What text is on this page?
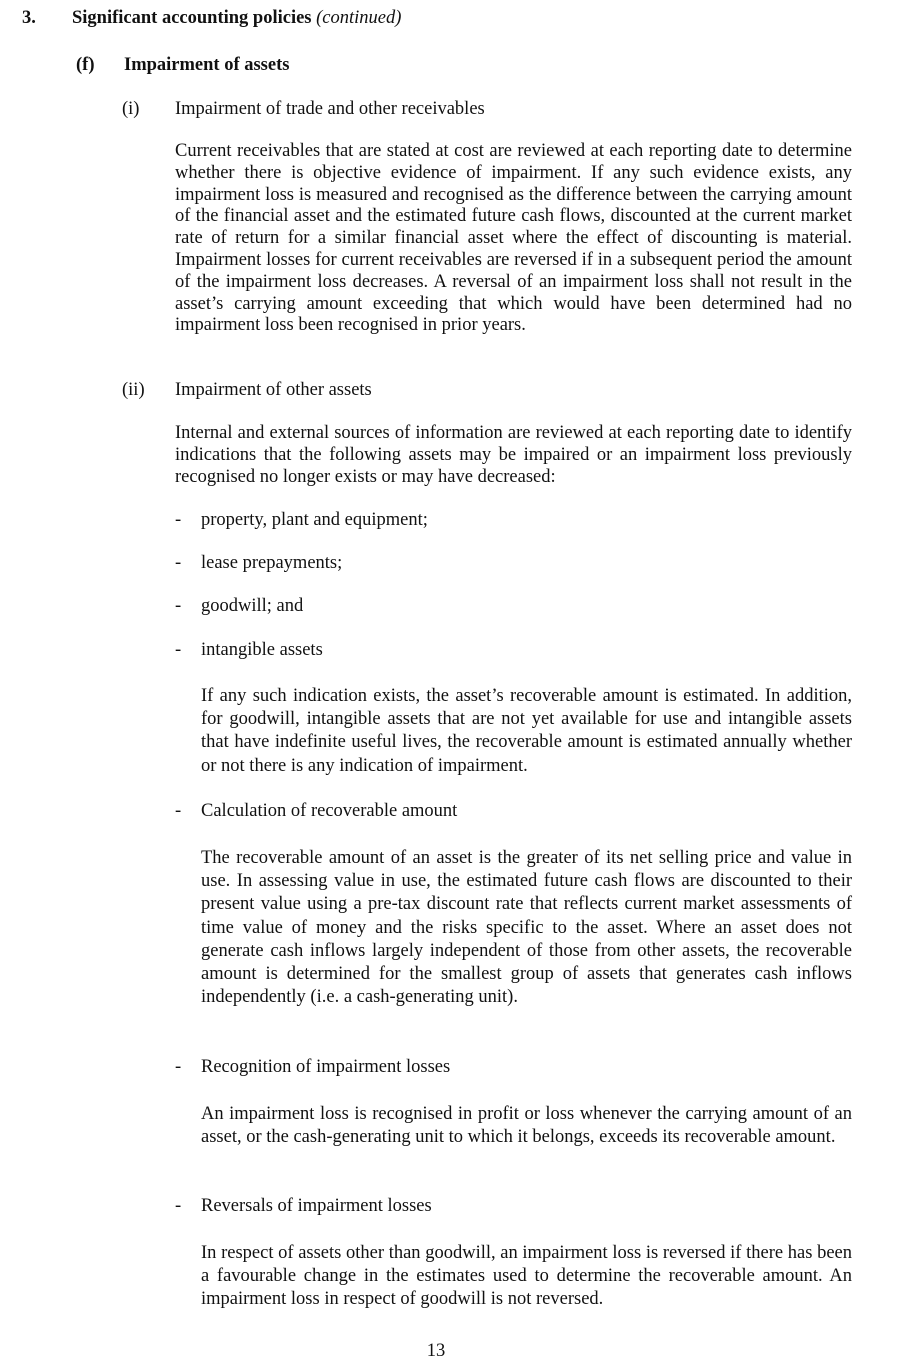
3. Significant accounting policies (continued)
(f) Impairment of assets
(i) Impairment of trade and other receivables
Current receivables that are stated at cost are reviewed at each reporting date to determine whether there is objective evidence of impairment. If any such evidence exists, any impairment loss is measured and recognised as the difference between the carrying amount of the financial asset and the estimated future cash flows, discounted at the current market rate of return for a similar financial asset where the effect of discounting is material. Impairment losses for current receivables are reversed if in a subsequent period the amount of the impairment loss decreases. A reversal of an impairment loss shall not result in the asset’s carrying amount exceeding that which would have been determined had no impairment loss been recognised in prior years.
(ii) Impairment of other assets
Internal and external sources of information are reviewed at each reporting date to identify indications that the following assets may be impaired or an impairment loss previously recognised no longer exists or may have decreased:
- property, plant and equipment;
- lease prepayments;
- goodwill; and
- intangible assets
If any such indication exists, the asset’s recoverable amount is estimated. In addition, for goodwill, intangible assets that are not yet available for use and intangible assets that have indefinite useful lives, the recoverable amount is estimated annually whether or not there is any indication of impairment.
- Calculation of recoverable amount
The recoverable amount of an asset is the greater of its net selling price and value in use. In assessing value in use, the estimated future cash flows are discounted to their present value using a pre-tax discount rate that reflects current market assessments of time value of money and the risks specific to the asset. Where an asset does not generate cash inflows largely independent of those from other assets, the recoverable amount is determined for the smallest group of assets that generates cash inflows independently (i.e. a cash-generating unit).
- Recognition of impairment losses
An impairment loss is recognised in profit or loss whenever the carrying amount of an asset, or the cash-generating unit to which it belongs, exceeds its recoverable amount.
- Reversals of impairment losses
In respect of assets other than goodwill, an impairment loss is reversed if there has been a favourable change in the estimates used to determine the recoverable amount. An impairment loss in respect of goodwill is not reversed.
13
